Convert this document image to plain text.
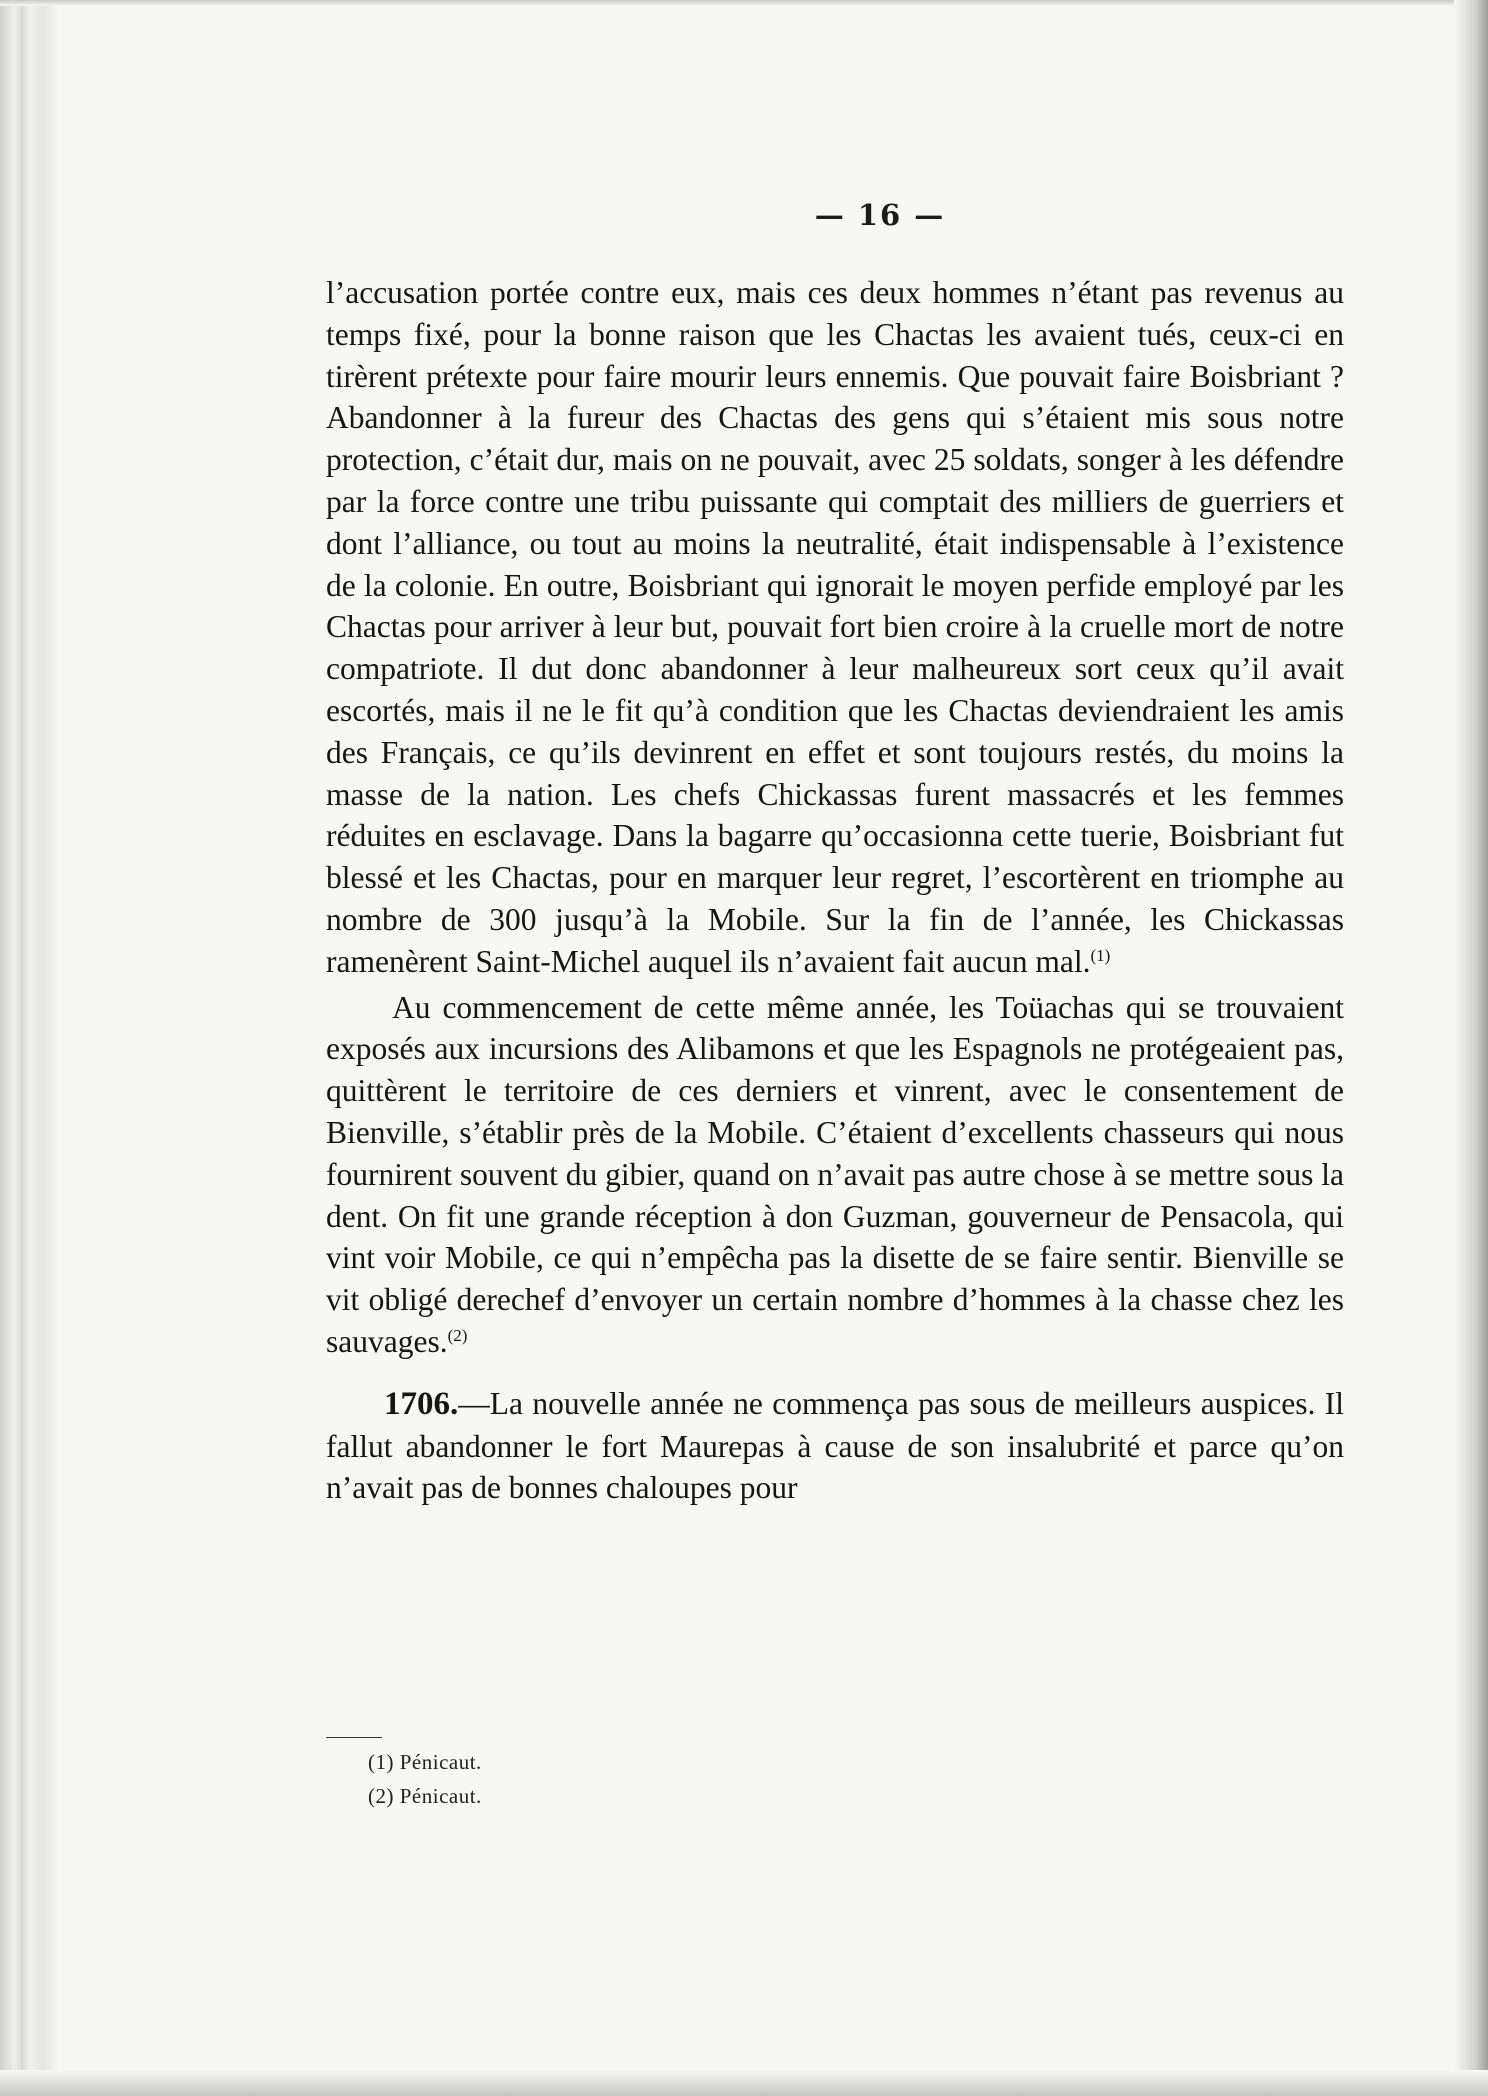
— 16 —

l’accusation portée contre eux, mais ces deux hommes n’étant pas revenus au temps fixé, pour la bonne raison que les Chactas les avaient tués, ceux-ci en tirèrent prétexte pour faire mourir leurs ennemis. Que pouvait faire Boisbriant ? Abandonner à la fureur des Chactas des gens qui s’étaient mis sous notre protection, c’était dur, mais on ne pouvait, avec 25 soldats, songer à les défendre par la force contre une tribu puissante qui comptait des milliers de guerriers et dont l’alliance, ou tout au moins la neutralité, était indispensable à l’existence de la colonie. En outre, Boisbriant qui ignorait le moyen perfide employé par les Chactas pour arriver à leur but, pouvait fort bien croire à la cruelle mort de notre compatriote. Il dut donc abandonner à leur malheureux sort ceux qu’il avait escortés, mais il ne le fit qu’à condition que les Chactas deviendraient les amis des Français, ce qu’ils devinrent en effet et sont toujours restés, du moins la masse de la nation. Les chefs Chickassas furent massacrés et les femmes réduites en esclavage. Dans la bagarre qu’occasionna cette tuerie, Boisbriant fut blessé et les Chactas, pour en marquer leur regret, l’escortèrent en triomphe au nombre de 300 jusqu’à la Mobile. Sur la fin de l’année, les Chickassas ramenèrent Saint-Michel auquel ils n’avaient fait aucun mal.$^{(1)}$

Au commencement de cette même année, les Toüachas qui se trouvaient exposés aux incursions des Alibamons et que les Espagnols ne protégeaient pas, quittèrent le territoire de ces derniers et vinrent, avec le consentement de Bienville, s’établir près de la Mobile. C’étaient d’excellents chasseurs qui nous fournirent souvent du gibier, quand on n’avait pas autre chose à se mettre sous la dent. On fit une grande réception à don Guzman, gouverneur de Pensacola, qui vint voir Mobile, ce qui n’empêcha pas la disette de se faire sentir. Bienville se vit obligé derechef d’envoyer un certain nombre d’hommes à la chasse chez les sauvages.$^{(2)}$

1706.—La nouvelle année ne commença pas sous de meilleurs auspices. Il fallut abandonner le fort Maurepas à cause de son insalubrité et parce qu’on n’avait pas de bonnes chaloupes pour

(1) Pénicaut.
(2) Pénicaut.
